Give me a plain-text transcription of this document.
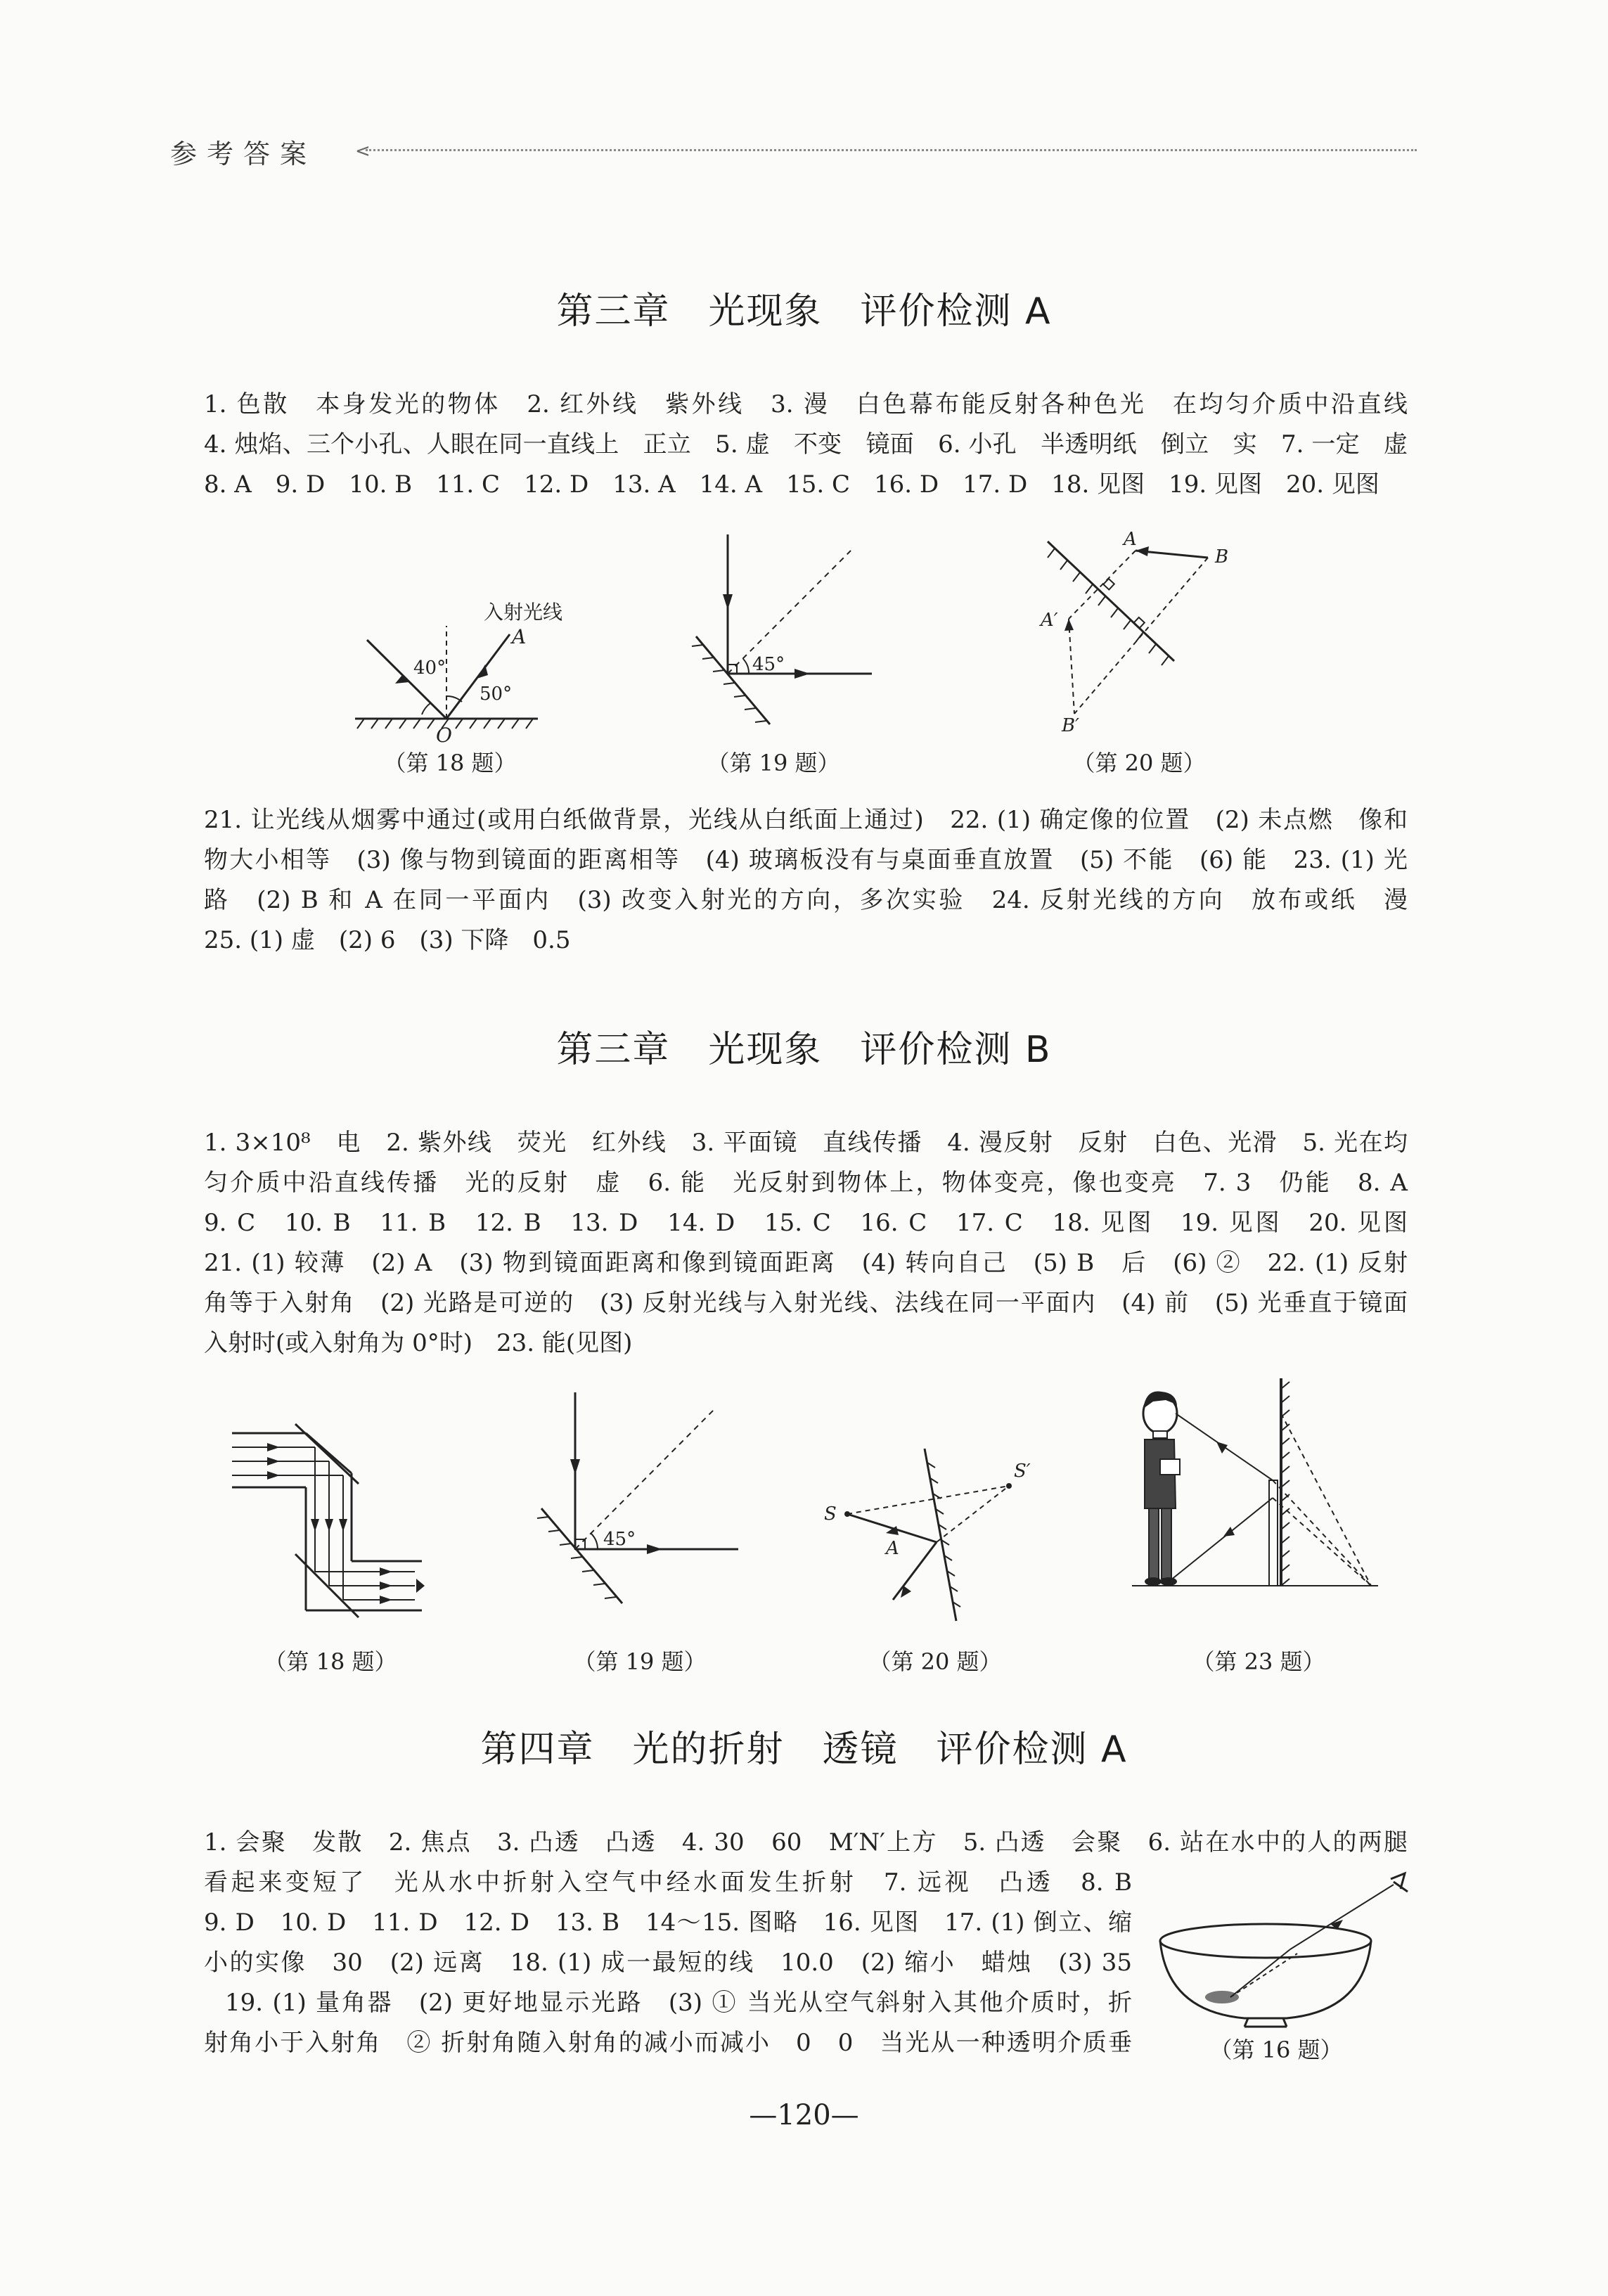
参考答案 <
第三章　光现象　评价检测 A
1. 色散　本身发光的物体　2. 红外线　紫外线　3. 漫　白色幕布能反射各种色光　在均匀介质中沿直线
4. 烛焰、三个小孔、人眼在同一直线上　正立　5. 虚　不变　镜面　6. 小孔　半透明纸　倒立　实　7. 一定　虚
8. A　9. D　10. B　11. C　12. D　13. A　14. A　15. C　16. D　17. D　18. 见图　19. 见图　20. 见图
入射光线
A
40°
50°
O
（第 18 题）
45°
（第 19 题）
A
B
A′
B′
（第 20 题）
21. 让光线从烟雾中通过(或用白纸做背景，光线从白纸面上通过)　22. (1) 确定像的位置　(2) 未点燃　像和
物大小相等　(3) 像与物到镜面的距离相等　(4) 玻璃板没有与桌面垂直放置　(5) 不能　(6) 能　23. (1) 光
路　(2) B 和 A 在同一平面内　(3) 改变入射光的方向，多次实验　24. 反射光线的方向　放布或纸　漫
25. (1) 虚　(2) 6　(3) 下降　0.5
第三章　光现象　评价检测 B
1. 3×10⁸　电　2. 紫外线　荧光　红外线　3. 平面镜　直线传播　4. 漫反射　反射　白色、光滑　5. 光在均
匀介质中沿直线传播　光的反射　虚　6. 能　光反射到物体上，物体变亮，像也变亮　7. 3　仍能　8. A
9. C　10. B　11. B　12. B　13. D　14. D　15. C　16. C　17. C　18. 见图　19. 见图　20. 见图
21. (1) 较薄　(2) A　(3) 物到镜面距离和像到镜面距离　(4) 转向自己　(5) B　后　(6) ②　22. (1) 反射
角等于入射角　(2) 光路是可逆的　(3) 反射光线与入射光线、法线在同一平面内　(4) 前　(5) 光垂直于镜面
入射时(或入射角为 0°时)　23. 能(见图)
（第 18 题）
45°
（第 19 题）
S
S′
A
（第 20 题）	（第 23 题）
第四章　光的折射　透镜　评价检测 A
1. 会聚　发散　2. 焦点　3. 凸透　凸透　4. 30　60　M′N′上方　5. 凸透　会聚　6. 站在水中的人的两腿
看起来变短了　光从水中折射入空气中经水面发生折射　7. 远视　凸透　8. B
9. D　10. D　11. D　12. D　13. B　14～15. 图略　16. 见图　17. (1) 倒立、缩
小的实像　30　(2) 远离　18. (1) 成一最短的线　10.0　(2) 缩小　蜡烛　(3) 35
19. (1) 量角器　(2) 更好地显示光路　(3) ① 当光从空气斜射入其他介质时，折
射角小于入射角　② 折射角随入射角的减小而减小　0　0　当光从一种透明介质垂	（第 16 题）
—120—
